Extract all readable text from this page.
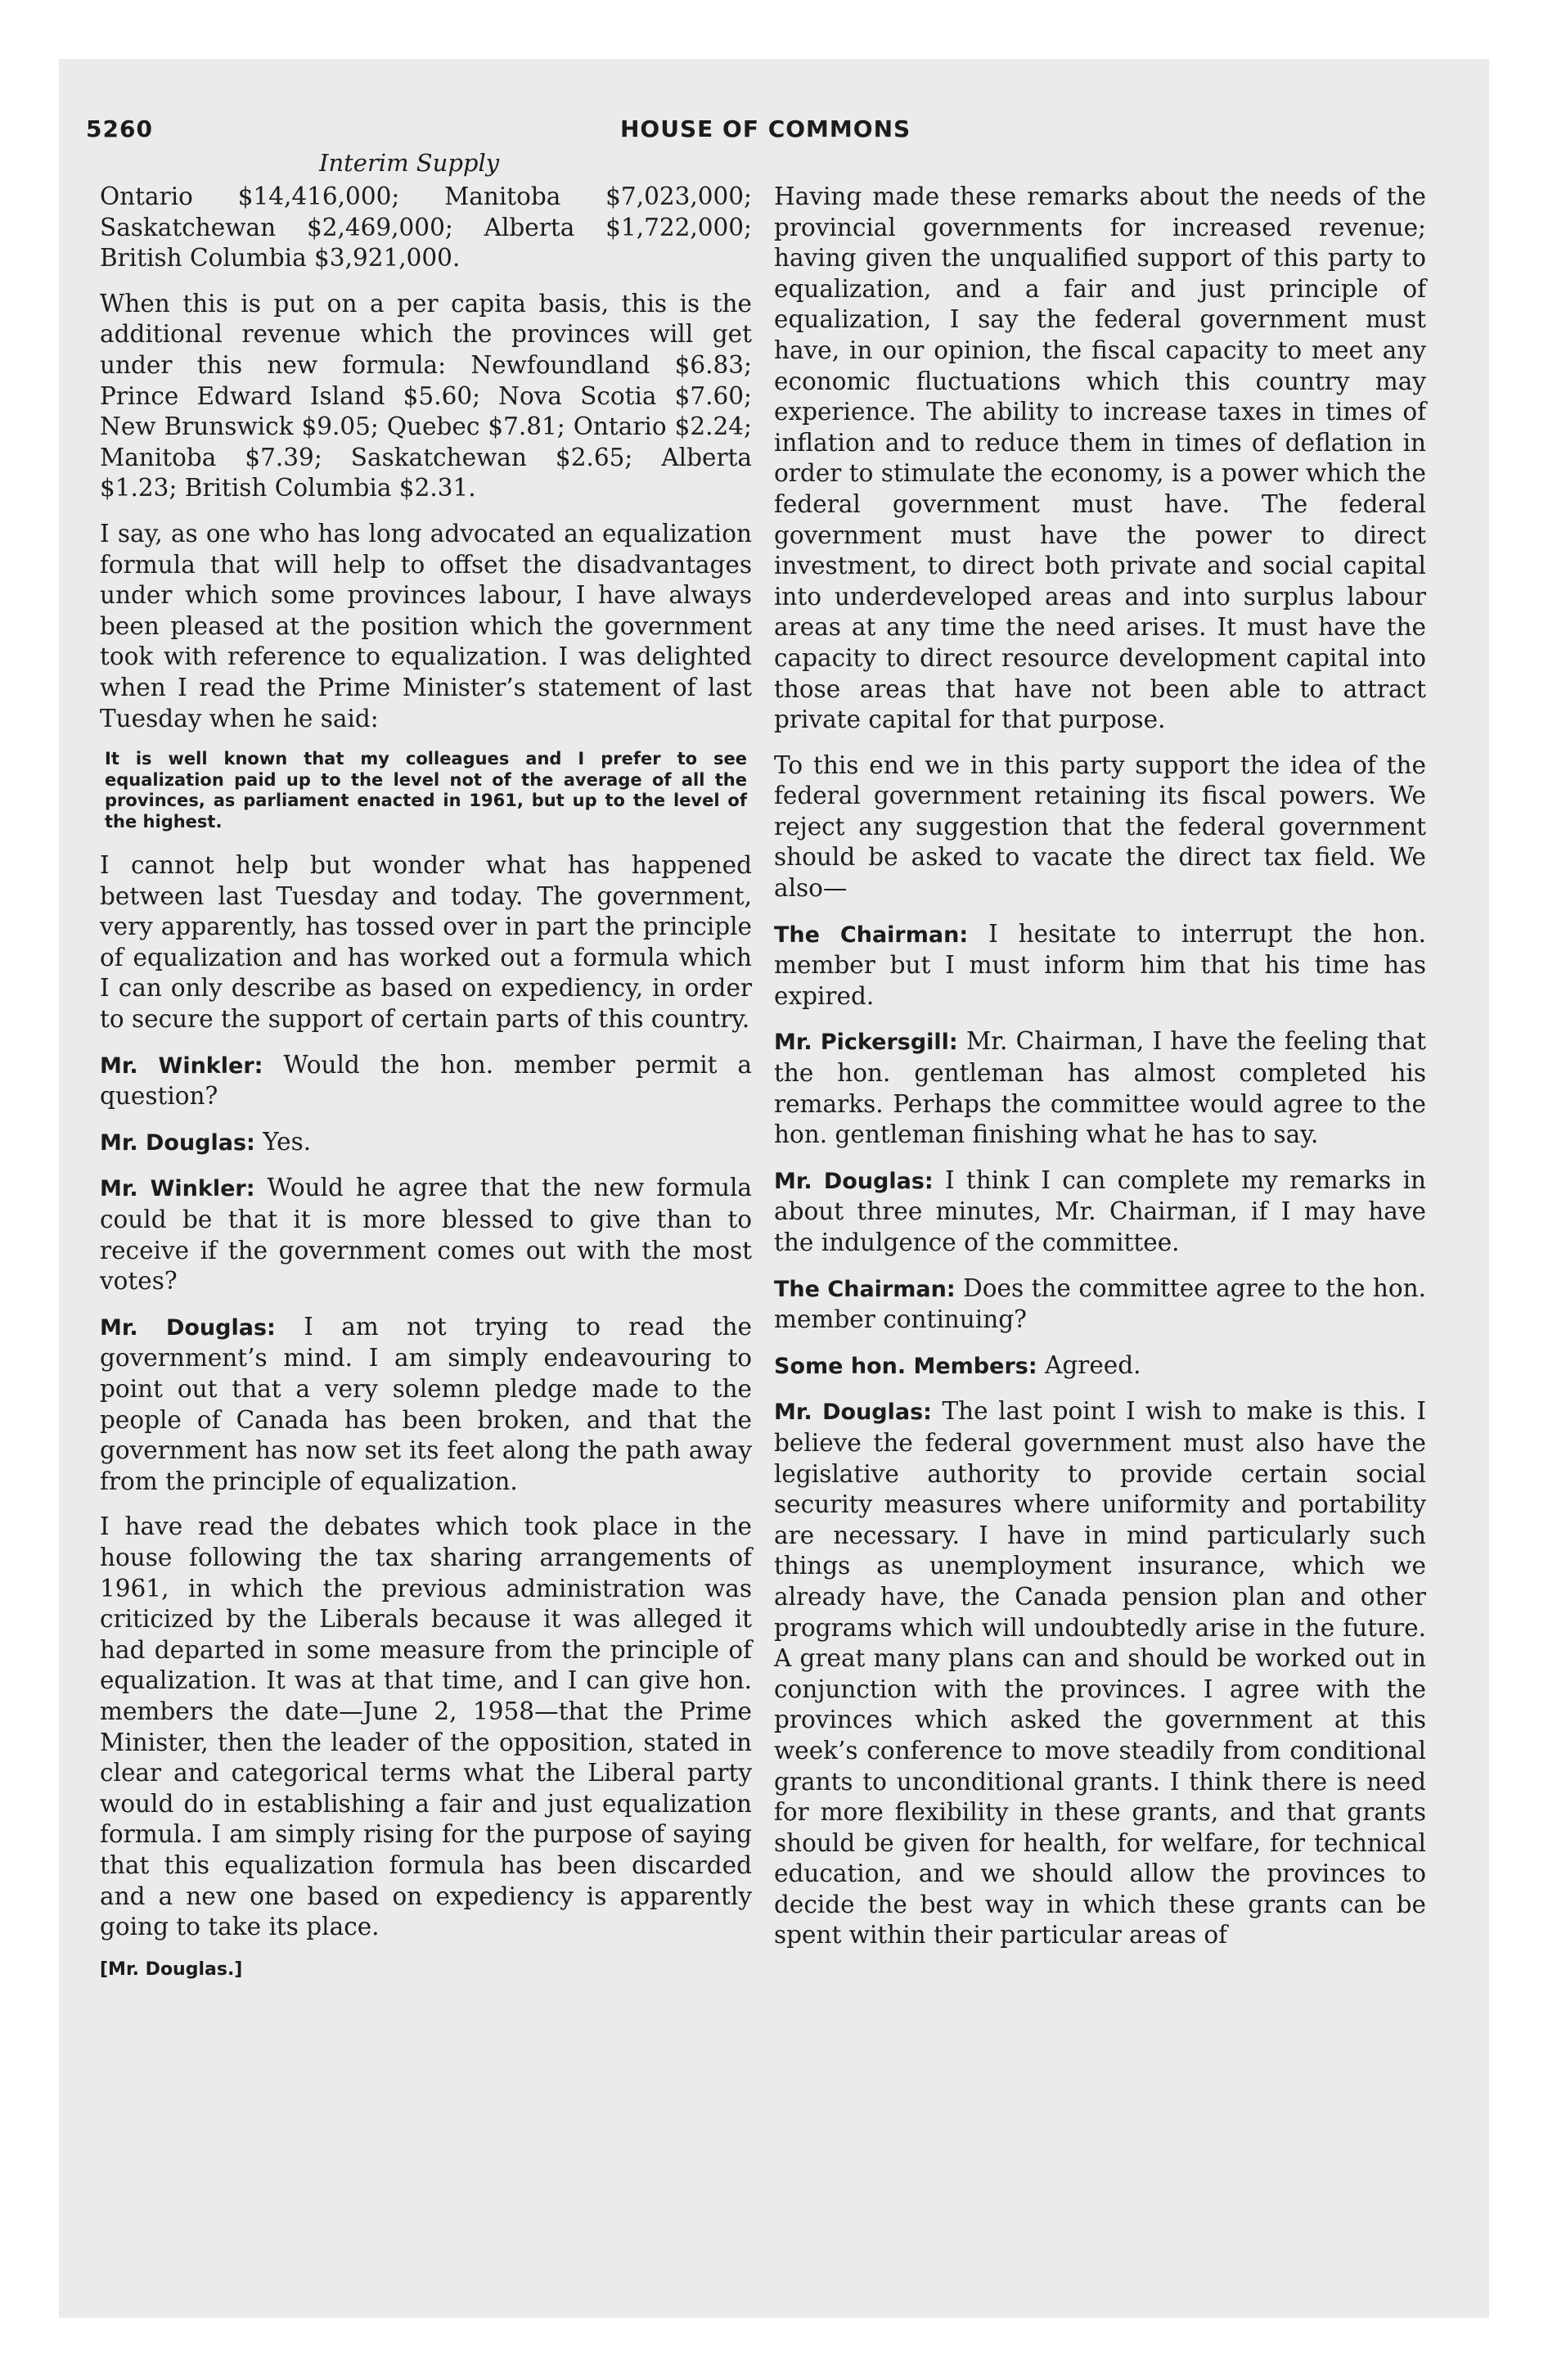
5260	HOUSE OF COMMONS
Interim Supply

Ontario $14,416,000; Manitoba $7,023,000; Saskatchewan $2,469,000; Alberta $1,722,000; British Columbia $3,921,000.

When this is put on a per capita basis, this is the additional revenue which the provinces will get under this new formula: Newfoundland $6.83; Prince Edward Island $5.60; Nova Scotia $7.60; New Brunswick $9.05; Quebec $7.81; Ontario $2.24; Manitoba $7.39; Saskatchewan $2.65; Alberta $1.23; British Columbia $2.31.

I say, as one who has long advocated an equalization formula that will help to offset the disadvantages under which some provinces labour, I have always been pleased at the position which the government took with reference to equalization. I was delighted when I read the Prime Minister’s statement of last Tuesday when he said:

It is well known that my colleagues and I prefer to see equalization paid up to the level not of the average of all the provinces, as parliament enacted in 1961, but up to the level of the highest.

I cannot help but wonder what has happened between last Tuesday and today. The government, very apparently, has tossed over in part the principle of equalization and has worked out a formula which I can only describe as based on expediency, in order to secure the support of certain parts of this country.

Mr. Winkler: Would the hon. member permit a question?

Mr. Douglas: Yes.

Mr. Winkler: Would he agree that the new formula could be that it is more blessed to give than to receive if the government comes out with the most votes?

Mr. Douglas: I am not trying to read the government’s mind. I am simply endeavouring to point out that a very solemn pledge made to the people of Canada has been broken, and that the government has now set its feet along the path away from the principle of equalization.

I have read the debates which took place in the house following the tax sharing arrangements of 1961, in which the previous administration was criticized by the Liberals because it was alleged it had departed in some measure from the principle of equalization. It was at that time, and I can give hon. members the date—June 2, 1958—that the Prime Minister, then the leader of the opposition, stated in clear and categorical terms what the Liberal party would do in establishing a fair and just equalization formula. I am simply rising for the purpose of saying that this equalization formula has been discarded and a new one based on expediency is apparently going to take its place.

[Mr. Douglas.]

Having made these remarks about the needs of the provincial governments for increased revenue; having given the unqualified support of this party to equalization, and a fair and just principle of equalization, I say the federal government must have, in our opinion, the fiscal capacity to meet any economic fluctuations which this country may experience. The ability to increase taxes in times of inflation and to reduce them in times of deflation in order to stimulate the economy, is a power which the federal government must have. The federal government must have the power to direct investment, to direct both private and social capital into underdeveloped areas and into surplus labour areas at any time the need arises. It must have the capacity to direct resource development capital into those areas that have not been able to attract private capital for that purpose.

To this end we in this party support the idea of the federal government retaining its fiscal powers. We reject any suggestion that the federal government should be asked to vacate the direct tax field. We also—

The Chairman: I hesitate to interrupt the hon. member but I must inform him that his time has expired.

Mr. Pickersgill: Mr. Chairman, I have the feeling that the hon. gentleman has almost completed his remarks. Perhaps the committee would agree to the hon. gentleman finishing what he has to say.

Mr. Douglas: I think I can complete my remarks in about three minutes, Mr. Chairman, if I may have the indulgence of the committee.

The Chairman: Does the committee agree to the hon. member continuing?

Some hon. Members: Agreed.

Mr. Douglas: The last point I wish to make is this. I believe the federal government must also have the legislative authority to provide certain social security measures where uniformity and portability are necessary. I have in mind particularly such things as unemployment insurance, which we already have, the Canada pension plan and other programs which will undoubtedly arise in the future. A great many plans can and should be worked out in conjunction with the provinces. I agree with the provinces which asked the government at this week’s conference to move steadily from conditional grants to unconditional grants. I think there is need for more flexibility in these grants, and that grants should be given for health, for welfare, for technical education, and we should allow the provinces to decide the best way in which these grants can be spent within their particular areas of
